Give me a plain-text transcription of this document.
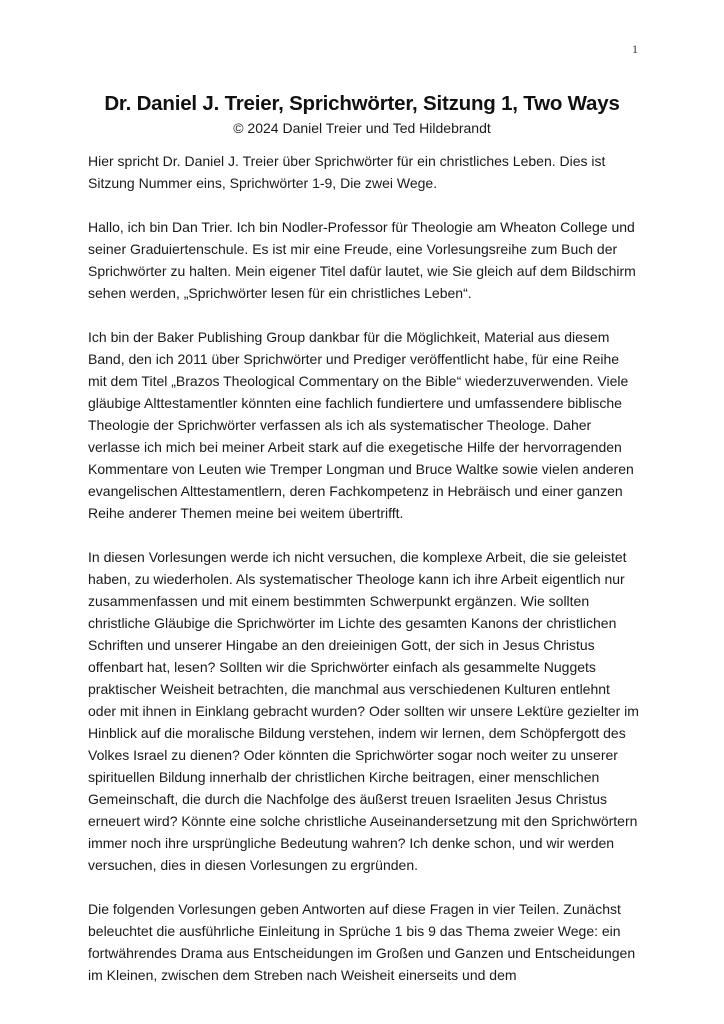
1
Dr. Daniel J. Treier, Sprichwörter, Sitzung 1, Two Ways
© 2024 Daniel Treier und Ted Hildebrandt

Hier spricht Dr. Daniel J. Treier über Sprichwörter für ein christliches Leben. Dies ist Sitzung Nummer eins, Sprichwörter 1-9, Die zwei Wege.

Hallo, ich bin Dan Trier. Ich bin Nodler-Professor für Theologie am Wheaton College und seiner Graduiertenschule. Es ist mir eine Freude, eine Vorlesungsreihe zum Buch der Sprichwörter zu halten. Mein eigener Titel dafür lautet, wie Sie gleich auf dem Bildschirm sehen werden, „Sprichwörter lesen für ein christliches Leben“.

Ich bin der Baker Publishing Group dankbar für die Möglichkeit, Material aus diesem Band, den ich 2011 über Sprichwörter und Prediger veröffentlicht habe, für eine Reihe mit dem Titel „Brazos Theological Commentary on the Bible“ wiederzuverwenden. Viele gläubige Alttestamentler könnten eine fachlich fundiertere und umfassendere biblische Theologie der Sprichwörter verfassen als ich als systematischer Theologe. Daher verlasse ich mich bei meiner Arbeit stark auf die exegetische Hilfe der hervorragenden Kommentare von Leuten wie Tremper Longman und Bruce Waltke sowie vielen anderen evangelischen Alttestamentlern, deren Fachkompetenz in Hebräisch und einer ganzen Reihe anderer Themen meine bei weitem übertrifft.

In diesen Vorlesungen werde ich nicht versuchen, die komplexe Arbeit, die sie geleistet haben, zu wiederholen. Als systematischer Theologe kann ich ihre Arbeit eigentlich nur zusammenfassen und mit einem bestimmten Schwerpunkt ergänzen. Wie sollten christliche Gläubige die Sprichwörter im Lichte des gesamten Kanons der christlichen Schriften und unserer Hingabe an den dreieinigen Gott, der sich in Jesus Christus offenbart hat, lesen? Sollten wir die Sprichwörter einfach als gesammelte Nuggets praktischer Weisheit betrachten, die manchmal aus verschiedenen Kulturen entlehnt oder mit ihnen in Einklang gebracht wurden? Oder sollten wir unsere Lektüre gezielter im Hinblick auf die moralische Bildung verstehen, indem wir lernen, dem Schöpfergott des Volkes Israel zu dienen? Oder könnten die Sprichwörter sogar noch weiter zu unserer spirituellen Bildung innerhalb der christlichen Kirche beitragen, einer menschlichen Gemeinschaft, die durch die Nachfolge des äußerst treuen Israeliten Jesus Christus erneuert wird? Könnte eine solche christliche Auseinandersetzung mit den Sprichwörtern immer noch ihre ursprüngliche Bedeutung wahren? Ich denke schon, und wir werden versuchen, dies in diesen Vorlesungen zu ergründen.

Die folgenden Vorlesungen geben Antworten auf diese Fragen in vier Teilen. Zunächst beleuchtet die ausführliche Einleitung in Sprüche 1 bis 9 das Thema zweier Wege: ein fortwährendes Drama aus Entscheidungen im Großen und Ganzen und Entscheidungen im Kleinen, zwischen dem Streben nach Weisheit einerseits und dem
